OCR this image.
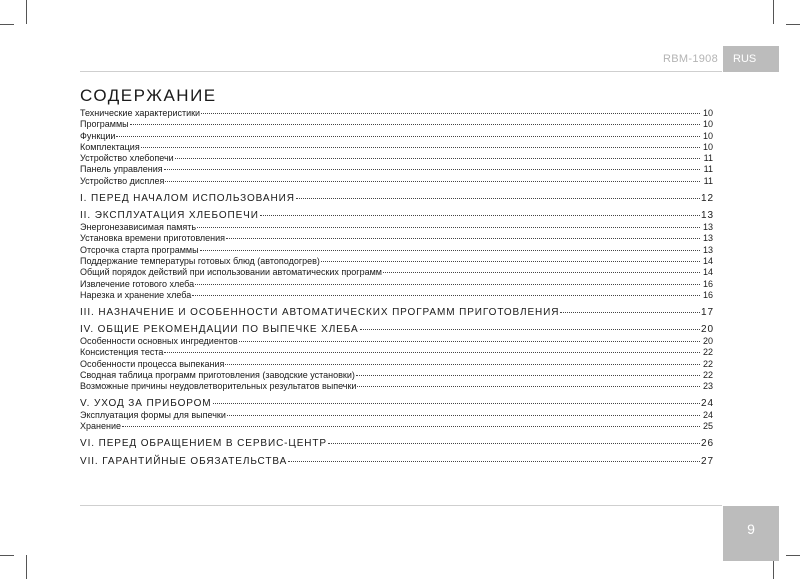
RBM-1908	RUS
СОДЕРЖАНИЕ
Технические характеристики	10
Программы	10
Функции	10
Комплектация	10
Устройство хлебопечи	11
Панель управления	11
Устройство дисплея	11
I. ПЕРЕД НАЧАЛОМ ИСПОЛЬЗОВАНИЯ	12
II. ЭКСПЛУАТАЦИЯ ХЛЕБОПЕЧИ	13
Энергонезависимая память	13
Установка времени приготовления	13
Отсрочка старта программы	13
Поддержание температуры готовых блюд (автоподогрев)	14
Общий порядок действий при использовании автоматических программ	14
Извлечение готового хлеба	16
Нарезка и хранение хлеба	16
III. НАЗНАЧЕНИЕ И ОСОБЕННОСТИ АВТОМАТИЧЕСКИХ ПРОГРАММ ПРИГОТОВЛЕНИЯ	17
IV. ОБЩИЕ РЕКОМЕНДАЦИИ ПО ВЫПЕЧКЕ ХЛЕБА	20
Особенности основных ингредиентов	20
Консистенция теста	22
Особенности процесса выпекания	22
Сводная таблица программ приготовления (заводские установки)	22
Возможные причины неудовлетворительных результатов выпечки	23
V. УХОД ЗА ПРИБОРОМ	24
Эксплуатация формы для выпечки	24
Хранение	25
VI. ПЕРЕД ОБРАЩЕНИЕМ В СЕРВИС-ЦЕНТР	26
VII. ГАРАНТИЙНЫЕ ОБЯЗАТЕЛЬСТВА	27
9
